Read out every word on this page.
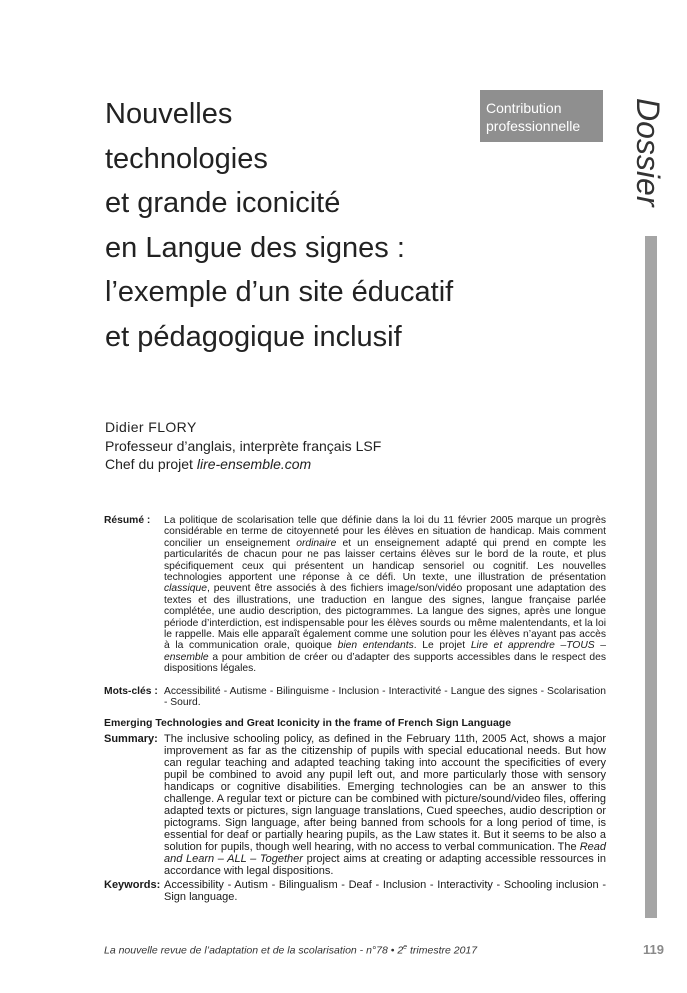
Nouvelles
technologies
et grande iconicité
en Langue des signes :
l’exemple d’un site éducatif
et pédagogique inclusif
Contribution
professionnelle	Dossier
Didier FLORY
Professeur d’anglais, interprète français LSF
Chef du projet lire-ensemble.com
Résumé : La politique de scolarisation telle que définie dans la loi du 11 février 2005 marque un progrès considérable en terme de citoyenneté pour les élèves en situation de handicap. Mais comment concilier un enseignement ordinaire et un enseignement adapté qui prend en compte les particularités de chacun pour ne pas laisser certains élèves sur le bord de la route, et plus spécifiquement ceux qui présentent un handicap sensoriel ou cognitif. Les nouvelles technologies apportent une réponse à ce défi. Un texte, une illustration de présentation classique, peuvent être associés à des fichiers image/son/vidéo proposant une adaptation des textes et des illustrations, une traduction en langue des signes, langue française parlée complétée, une audio description, des pictogrammes. La langue des signes, après une longue période d’interdiction, est indispensable pour les élèves sourds ou même malentendants, et la loi le rappelle. Mais elle apparaît également comme une solution pour les élèves n’ayant pas accès à la communication orale, quoique bien entendants. Le projet Lire et apprendre –TOUS – ensemble a pour ambition de créer ou d’adapter des supports accessibles dans le respect des dispositions légales.
Mots-clés : Accessibilité - Autisme - Bilinguisme - Inclusion - Interactivité - Langue des signes - Scolarisation - Sourd.
Emerging Technologies and Great Iconicity in the frame of French Sign Language
Summary: The inclusive schooling policy, as defined in the February 11th, 2005 Act, shows a major improvement as far as the citizenship of pupils with special educational needs. But how can regular teaching and adapted teaching taking into account the specificities of every pupil be combined to avoid any pupil left out, and more particularly those with sensory handicaps or cognitive disabilities. Emerging technologies can be an answer to this challenge. A regular text or picture can be combined with picture/sound/video files, offering adapted texts or pictures, sign language translations, Cued speeches, audio description or pictograms. Sign language, after being banned from schools for a long period of time, is essential for deaf or partially hearing pupils, as the Law states it. But it seems to be also a solution for pupils, though well hearing, with no access to verbal communication. The Read and Learn – ALL – Together project aims at creating or adapting accessible ressources in accordance with legal dispositions.
Keywords: Accessibility - Autism - Bilingualism - Deaf - Inclusion - Interactivity - Schooling inclusion - Sign language.
La nouvelle revue de l’adaptation et de la scolarisation - n°78 • 2e trimestre 2017	119
